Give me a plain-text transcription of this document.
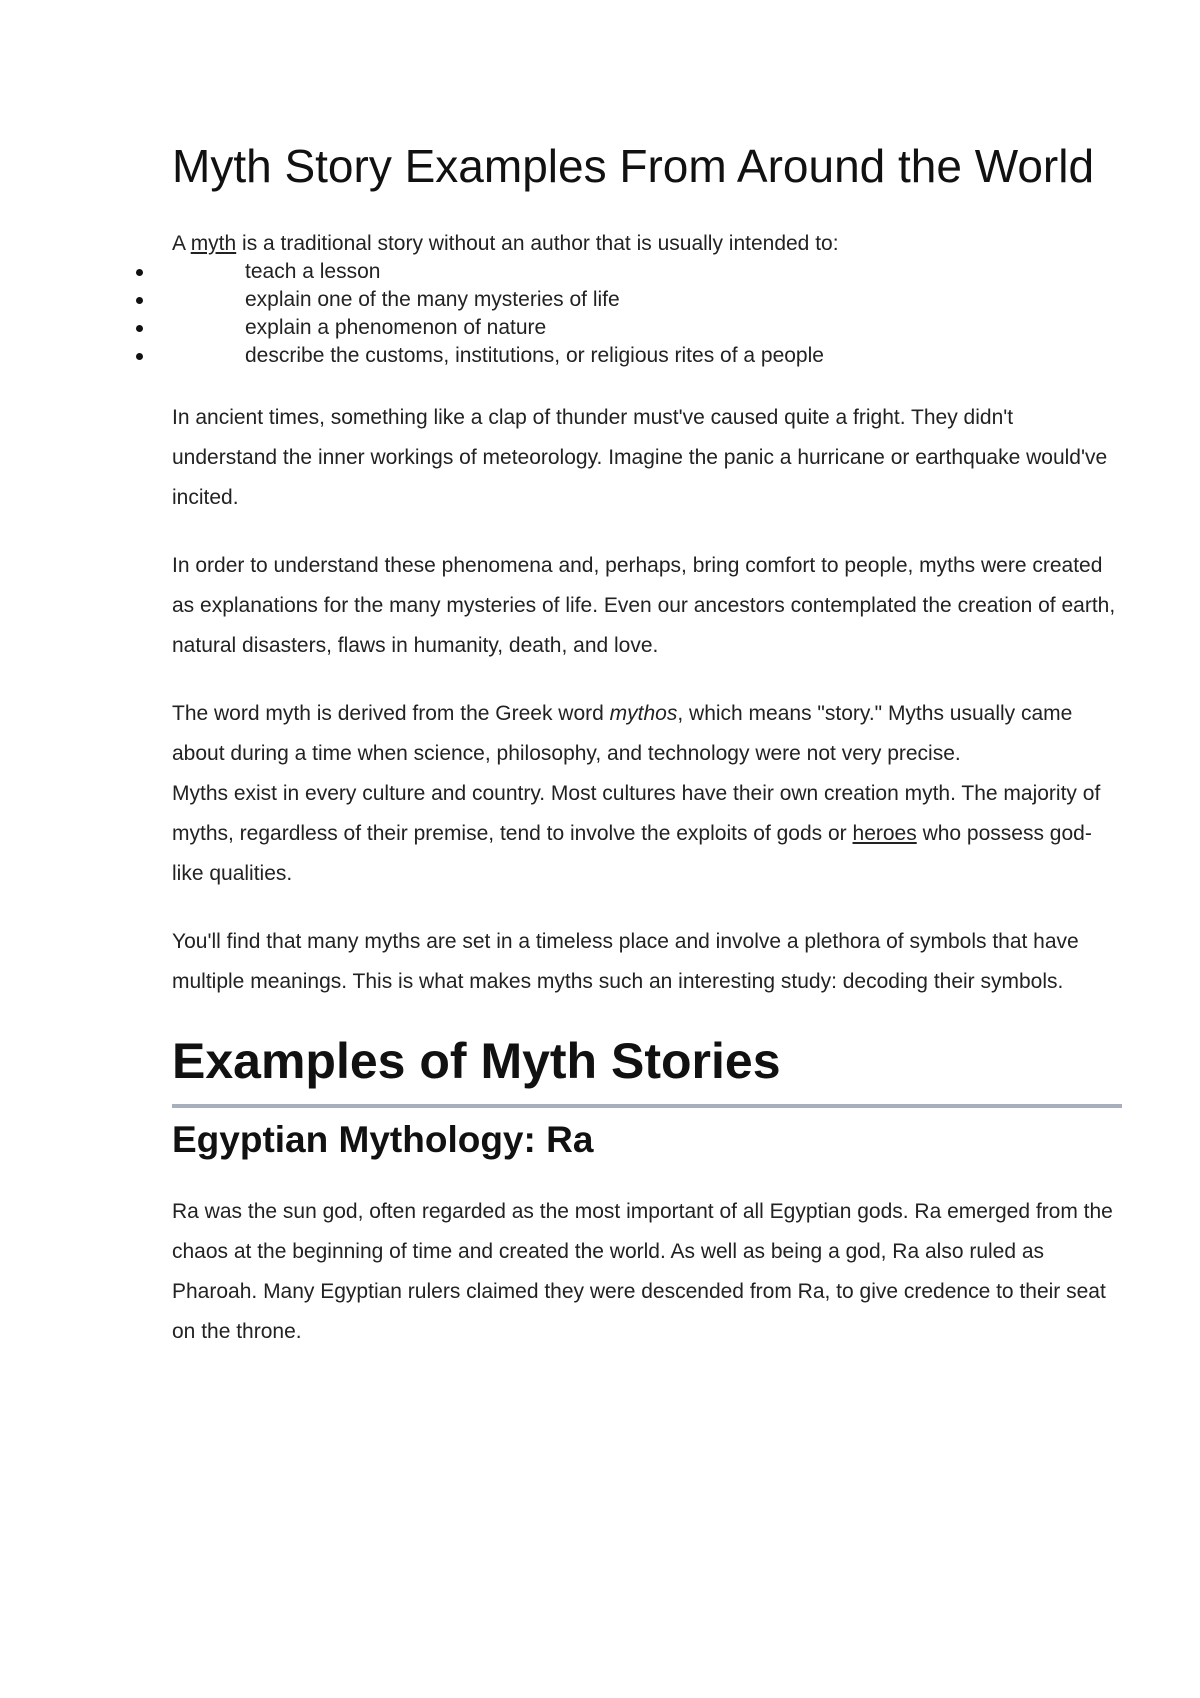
Myth Story Examples From Around the World

A myth is a traditional story without an author that is usually intended to:

teach a lesson
explain one of the many mysteries of life
explain a phenomenon of nature
describe the customs, institutions, or religious rites of a people

In ancient times, something like a clap of thunder must've caused quite a fright. They didn't understand the inner workings of meteorology. Imagine the panic a hurricane or earthquake would've incited.

In order to understand these phenomena and, perhaps, bring comfort to people, myths were created as explanations for the many mysteries of life. Even our ancestors contemplated the creation of earth, natural disasters, flaws in humanity, death, and love.

The word myth is derived from the Greek word mythos, which means "story." Myths usually came about during a time when science, philosophy, and technology were not very precise.

Myths exist in every culture and country. Most cultures have their own creation myth. The majority of myths, regardless of their premise, tend to involve the exploits of gods or heroes who possess god-like qualities.

You'll find that many myths are set in a timeless place and involve a plethora of symbols that have multiple meanings. This is what makes myths such an interesting study: decoding their symbols.

Examples of Myth Stories
Egyptian Mythology: Ra

Ra was the sun god, often regarded as the most important of all Egyptian gods. Ra emerged from the chaos at the beginning of time and created the world. As well as being a god, Ra also ruled as Pharoah. Many Egyptian rulers claimed they were descended from Ra, to give credence to their seat on the throne.
